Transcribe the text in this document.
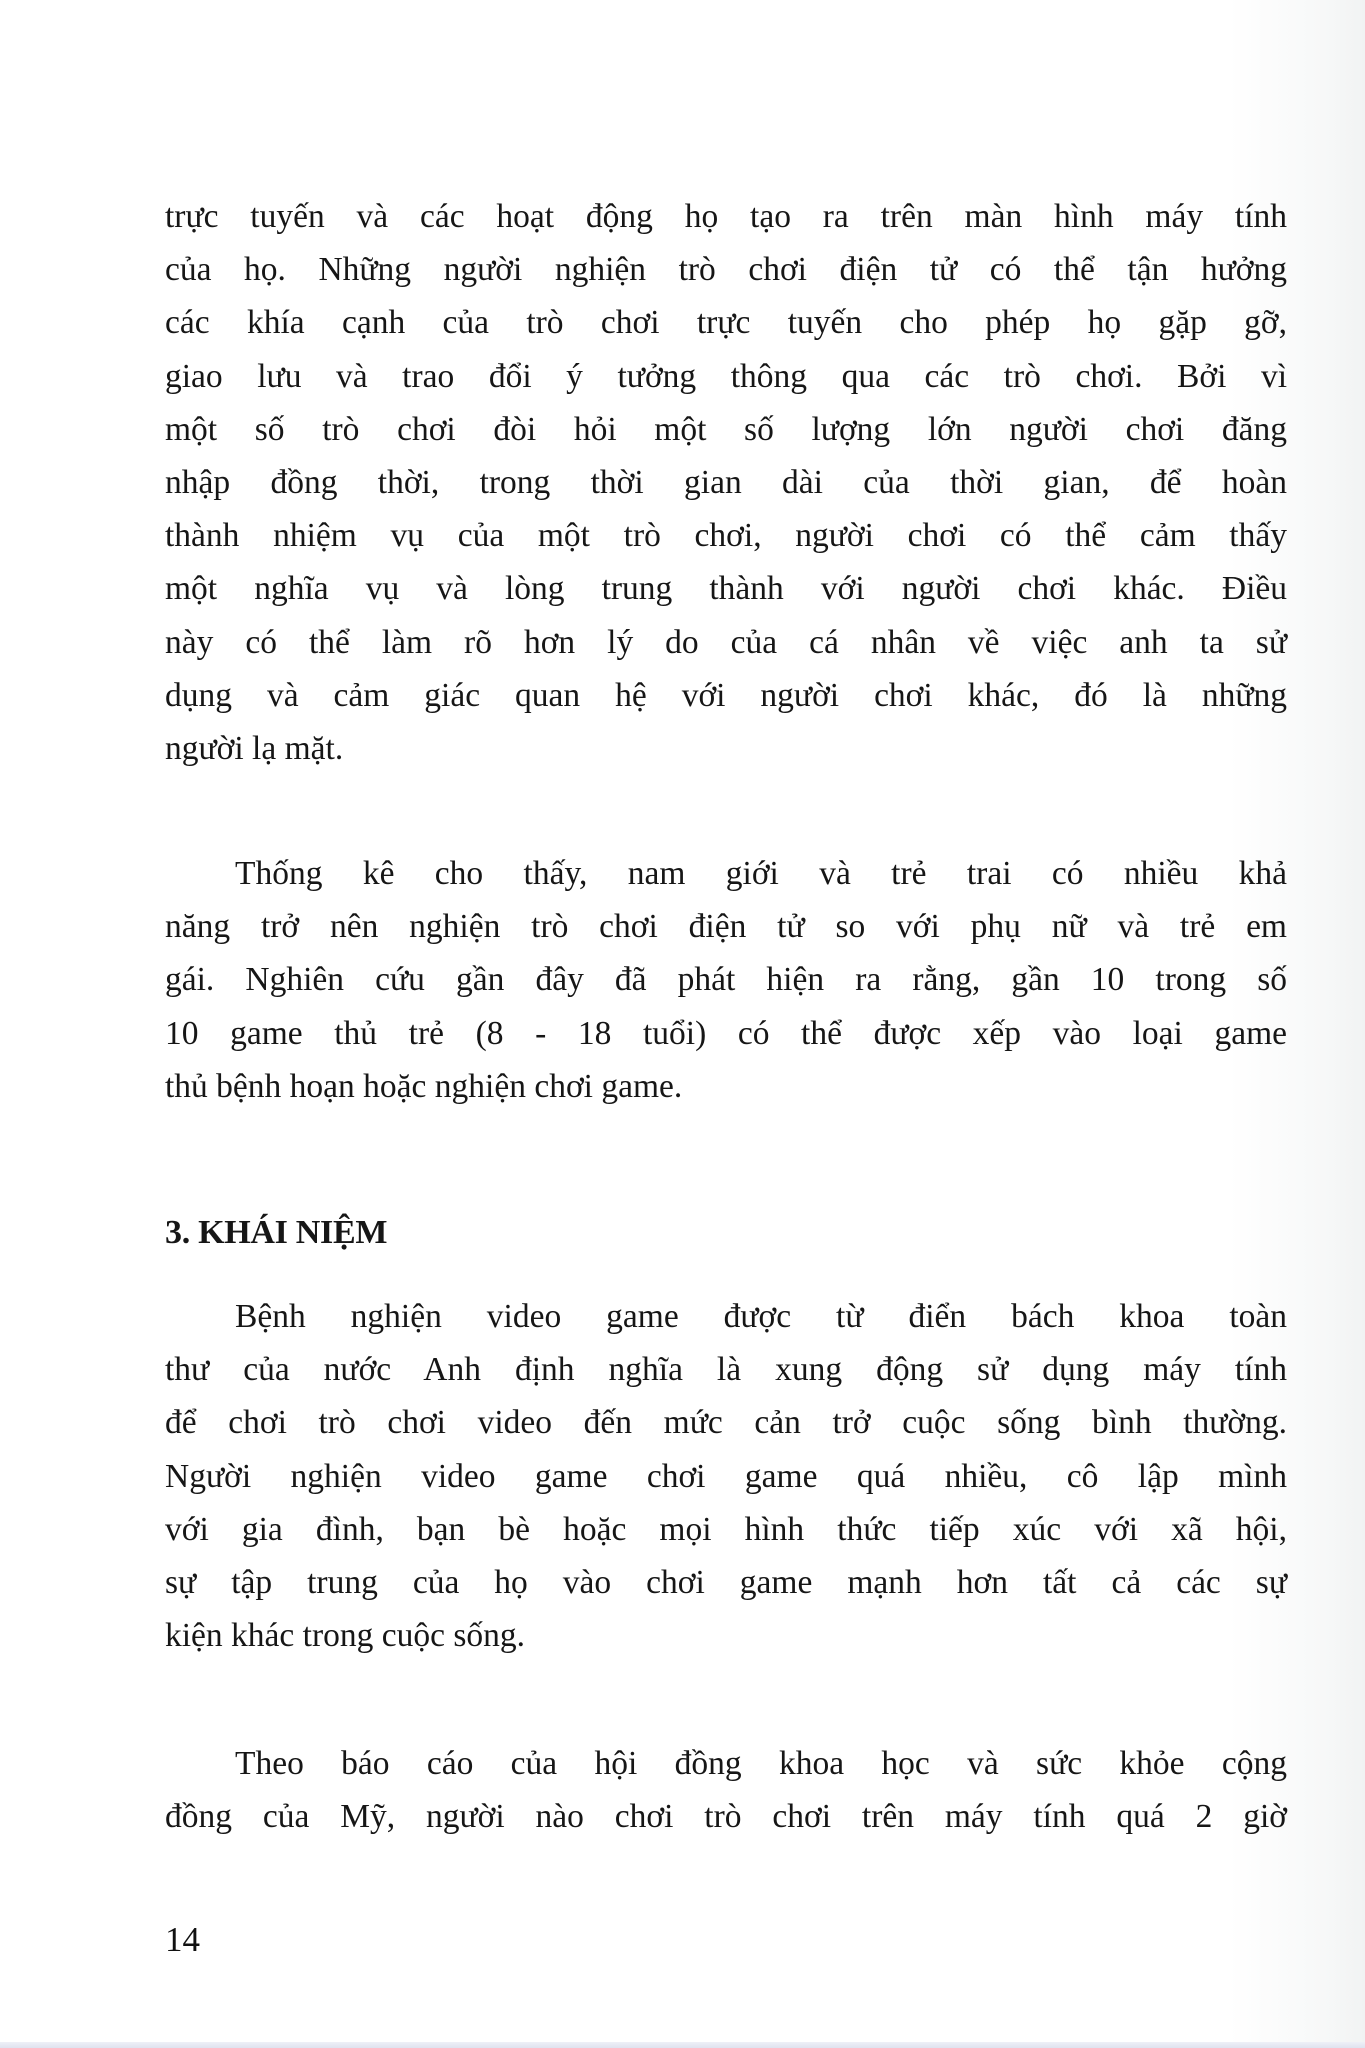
trực tuyến và các hoạt động họ tạo ra trên màn hình máy tính
của họ. Những người nghiện trò chơi điện tử có thể tận hưởng
các khía cạnh của trò chơi trực tuyến cho phép họ gặp gỡ,
giao lưu và trao đổi ý tưởng thông qua các trò chơi. Bởi vì
một số trò chơi đòi hỏi một số lượng lớn người chơi đăng
nhập đồng thời, trong thời gian dài của thời gian, để hoàn
thành nhiệm vụ của một trò chơi, người chơi có thể cảm thấy
một nghĩa vụ và lòng trung thành với người chơi khác. Điều
này có thể làm rõ hơn lý do của cá nhân về việc anh ta sử
dụng và cảm giác quan hệ với người chơi khác, đó là những
người lạ mặt.
Thống kê cho thấy, nam giới và trẻ trai có nhiều khả
năng trở nên nghiện trò chơi điện tử so với phụ nữ và trẻ em
gái. Nghiên cứu gần đây đã phát hiện ra rằng, gần 10 trong số
10 game thủ trẻ (8 - 18 tuổi) có thể được xếp vào loại game
thủ bệnh hoạn hoặc nghiện chơi game.
3. KHÁI NIỆM
Bệnh nghiện video game được từ điển bách khoa toàn
thư của nước Anh định nghĩa là xung động sử dụng máy tính
để chơi trò chơi video đến mức cản trở cuộc sống bình thường.
Người nghiện video game chơi game quá nhiều, cô lập mình
với gia đình, bạn bè hoặc mọi hình thức tiếp xúc với xã hội,
sự tập trung của họ vào chơi game mạnh hơn tất cả các sự
kiện khác trong cuộc sống.
Theo báo cáo của hội đồng khoa học và sức khỏe cộng
đồng của Mỹ, người nào chơi trò chơi trên máy tính quá 2 giờ
14
